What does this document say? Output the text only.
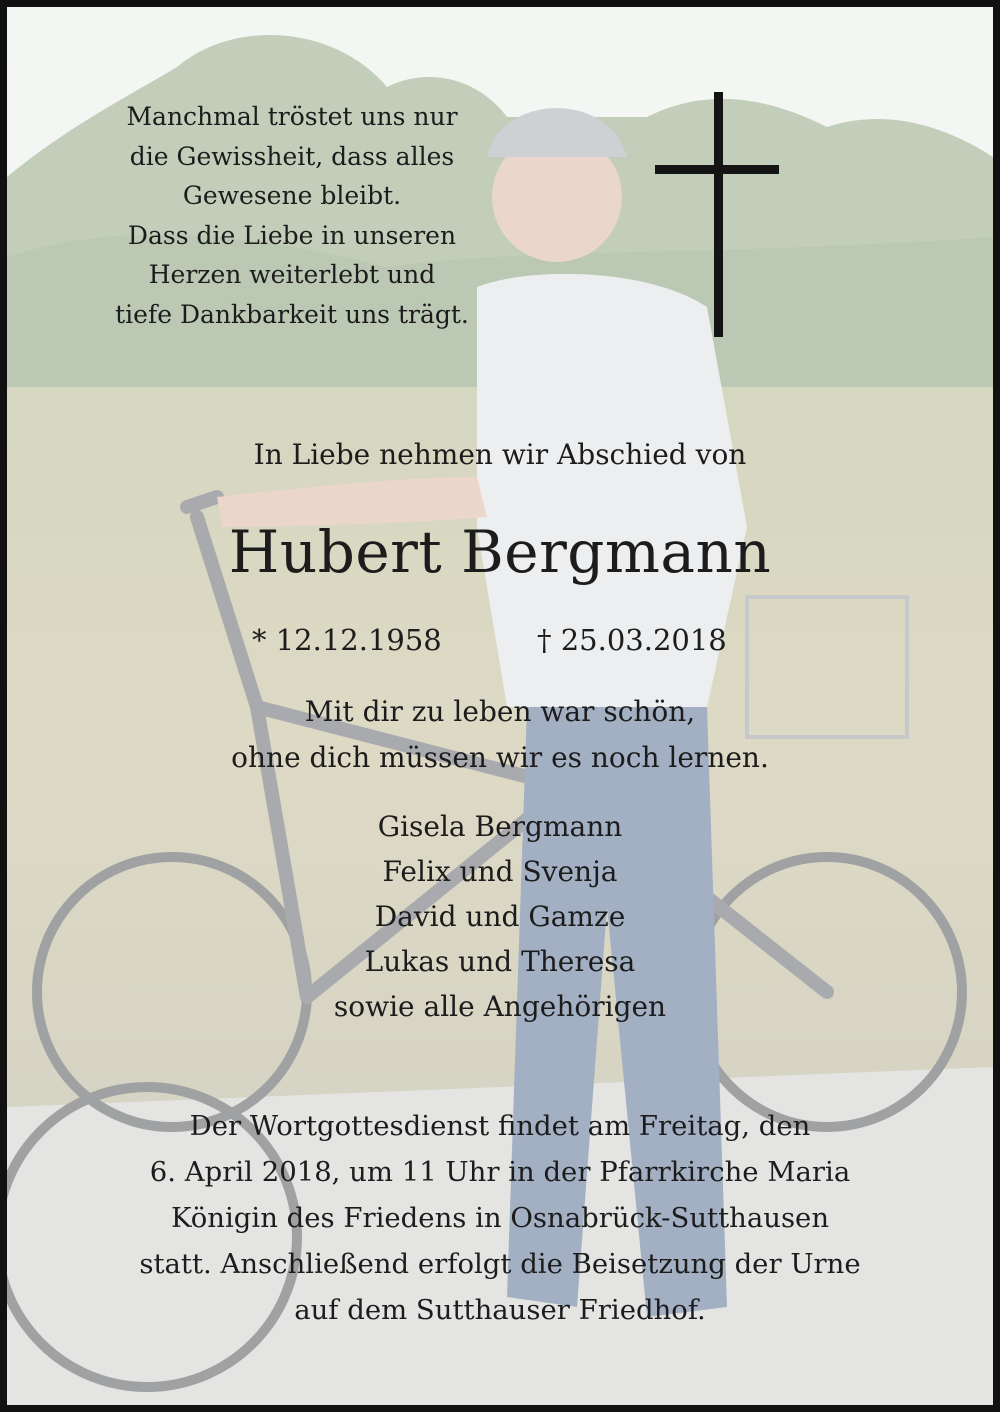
Manchmal tröstet uns nur
die Gewissheit, dass alles
Gewesene bleibt.
Dass die Liebe in unseren
Herzen weiterlebt und
tiefe Dankbarkeit uns trägt.
In Liebe nehmen wir Abschied von
Hubert Bergmann
* 12.12.1958	† 25.03.2018
Mit dir zu leben war schön,
ohne dich müssen wir es noch lernen.
Gisela Bergmann
Felix und Svenja
David und Gamze
Lukas und Theresa
sowie alle Angehörigen
Der Wortgottesdienst findet am Freitag, den
6. April 2018, um 11 Uhr in der Pfarrkirche Maria
Königin des Friedens in Osnabrück-Sutthausen
statt. Anschließend erfolgt die Beisetzung der Urne
auf dem Sutthauser Friedhof.
